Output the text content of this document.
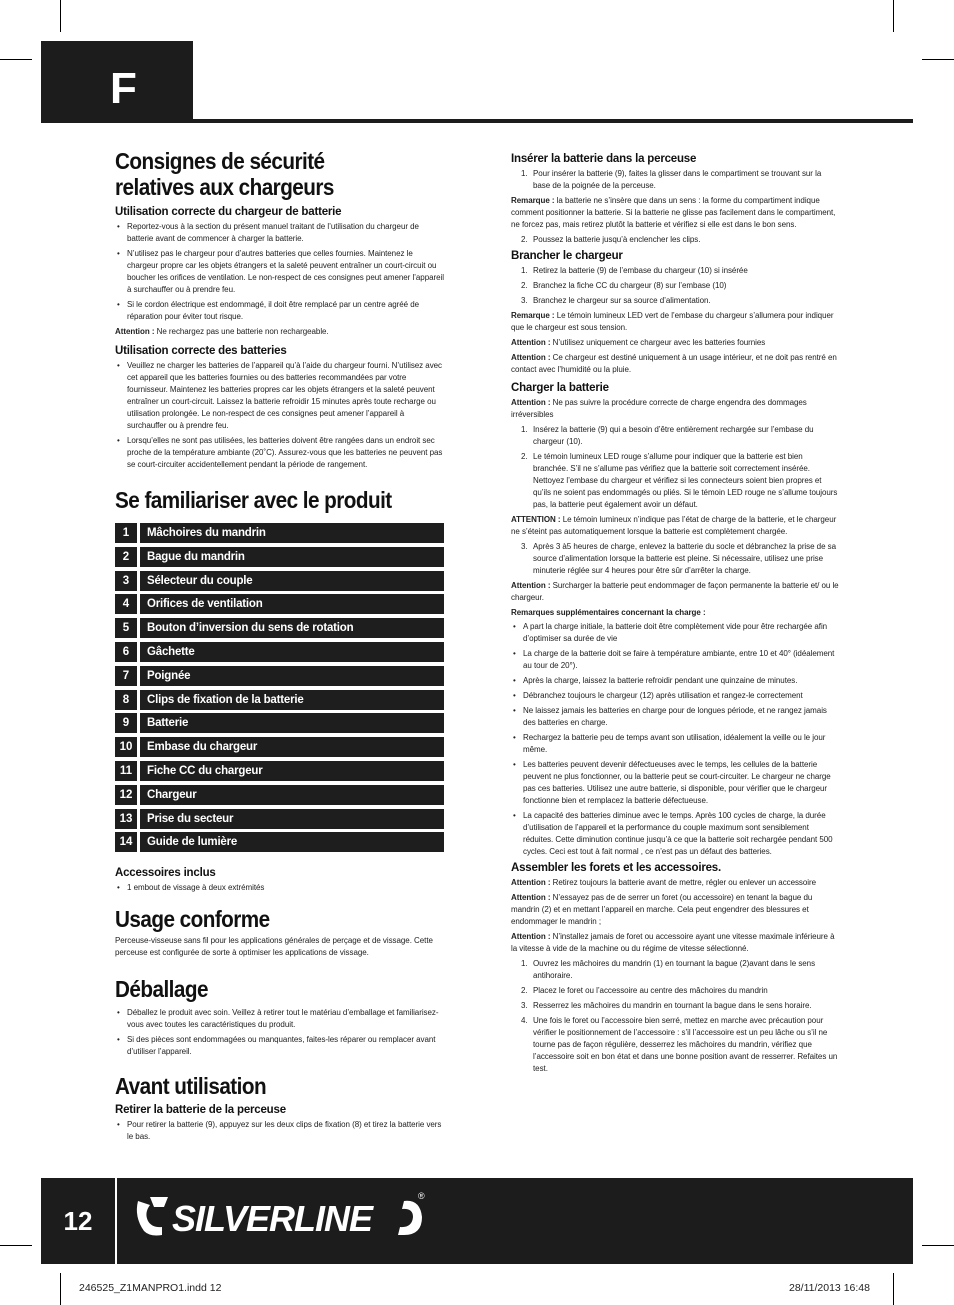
F
Consignes de sécurité relatives aux chargeurs
Utilisation correcte du chargeur de batterie
• Reportez-vous à la section du présent manuel traitant de l’utilisation du chargeur de batterie avant de commencer à charger la batterie.
• N’utilisez pas le chargeur pour d’autres batteries que celles fournies. Maintenez le chargeur propre car les objets étrangers et la saleté peuvent entraîner un court-circuit ou boucher les orifices de ventilation. Le non-respect de ces consignes peut amener l’appareil à surchauffer ou à prendre feu.
• Si le cordon électrique est endommagé, il doit être remplacé par un centre agréé de réparation pour éviter tout risque.

Attention : Ne rechargez pas une batterie non rechargeable.

Utilisation correcte des batteries
• Veuillez ne charger les batteries de l’appareil qu’à l’aide du chargeur fourni. N’utilisez avec cet appareil que les batteries fournies ou des batteries recommandées par votre fournisseur. Maintenez les batteries propres car les objets étrangers et la saleté peuvent entraîner un court-circuit. Laissez la batterie refroidir 15 minutes après toute recharge ou utilisation prolongée. Le non-respect de ces consignes peut amener l’appareil à surchauffer ou à prendre feu.
• Lorsqu’elles ne sont pas utilisées, les batteries doivent être rangées dans un endroit sec proche de la température ambiante (20˚C). Assurez-vous que les batteries ne peuvent pas se court-circuiter accidentellement pendant la période de rangement.
Se familiariser avec le produit
1	Mâchoires du mandrin
2	Bague du mandrin
3	Sélecteur du couple
4	Orifices de ventilation
5	Bouton d’inversion du sens de rotation
6	Gâchette
7	Poignée
8	Clips de fixation de la batterie
9	Batterie
10	Embase du chargeur
11	Fiche CC du chargeur
12	Chargeur
13	Prise du secteur
14	Guide de lumière
Accessoires inclus
• 1 embout de vissage à deux extrémités
Usage conforme

Perceuse-visseuse sans fil pour les applications générales de perçage et de vissage. Cette perceuse est configurée de sorte à optimiser les applications de vissage.

Déballage
• Déballez le produit avec soin. Veillez à retirer tout le matériau d’emballage et familiarisez-vous avec toutes les caractéristiques du produit.
• Si des pièces sont endommagées ou manquantes, faites-les réparer ou remplacer avant d’utiliser l’appareil.
Avant utilisation
Retirer la batterie de la perceuse
• Pour retirer la batterie (9), appuyez sur les deux clips de fixation (8) et tirez la batterie vers le bas.
Insérer la batterie dans la perceuse
1. Pour insérer la batterie (9), faites la glisser dans le compartiment se trouvant sur la base de la poignée de la perceuse.

Remarque : la batterie ne s’insère que dans un sens : la forme du compartiment indique comment positionner la batterie. Si la batterie ne glisse pas facilement dans le compartiment, ne forcez pas, mais retirez plutôt la batterie et vérifiez si elle est dans le bon sens.

2. Poussez la batterie jusqu’à enclencher les clips.
Brancher le chargeur
1. Retirez la batterie (9) de l’embase du chargeur (10) si insérée
2. Branchez la fiche CC du chargeur (8) sur l’embase (10)
3. Branchez le chargeur sur sa source d’alimentation.

Remarque : Le témoin lumineux LED vert de l’embase du chargeur s’allumera pour indiquer que le chargeur est sous tension.

Attention : N’utilisez uniquement ce chargeur avec les batteries fournies

Attention : Ce chargeur est destiné uniquement à un usage intérieur, et ne doit pas rentré en contact avec l’humidité ou la pluie.

Charger la batterie

Attention : Ne pas suivre la procédure correcte de charge engendra des dommages irréversibles

1. Insérez la batterie (9) qui a besoin d’être entièrement rechargée sur l’embase du chargeur (10).
2. Le témoin lumineux LED rouge s’allume pour indiquer que la batterie est bien branchée. S’il ne s’allume pas vérifiez que la batterie soit correctement insérée. Nettoyez l’embase du chargeur et vérifiez si les connecteurs soient bien propres et qu’ils ne soient pas endommagés ou pliés. Si le témoin LED rouge ne s’allume toujours pas, la batterie peut également avoir un défaut.

ATTENTION : Le témoin lumineux n’indique pas l’état de charge de la batterie, et le chargeur ne s’éteint pas automatiquement lorsque la batterie est complètement chargée.

3. Après 3 à5 heures de charge, enlevez la batterie du socle et débranchez la prise de sa source d’alimentation lorsque la batterie est pleine. Si nécessaire, utilisez une prise minuterie réglée sur 4 heures pour être sûr d’arrêter la charge.

Attention : Surcharger la batterie peut endommager de façon permanente la batterie et/ ou le chargeur.

Remarques supplémentaires concernant la charge :

• A part la charge initiale, la batterie doit être complètement vide pour être rechargée afin d’optimiser sa durée de vie
• La charge de la batterie doit se faire à température ambiante, entre 10 et 40° (idéalement au tour de 20°).
• Après la charge, laissez la batterie refroidir pendant une quinzaine de minutes.
• Débranchez toujours le chargeur (12) après utilisation et rangez-le correctement
• Ne laissez jamais les batteries en charge pour de longues période, et ne rangez jamais des batteries en charge.
• Rechargez la batterie peu de temps avant son utilisation, idéalement la veille ou le jour même.
• Les batteries peuvent devenir défectueuses avec le temps, les cellules de la batterie peuvent ne plus fonctionner, ou la batterie peut se court-circuiter. Le chargeur ne charge pas ces batteries. Utilisez une autre batterie, si disponible, pour vérifier que le chargeur fonctionne bien et remplacez la batterie défectueuse.
• La capacité des batteries diminue avec le temps. Après 100 cycles de charge, la durée d’utilisation de l’appareil et la performance du couple maximum sont sensiblement réduites. Cette diminution continue jusqu’à ce que la batterie soit rechargée pendant 500 cycles. Ceci est tout à fait normal , ce n’est pas un défaut des batteries.
Assembler les forets et les accessoires.

Attention : Retirez toujours la batterie avant de mettre, régler ou enlever un accessoire

Attention : N’essayez pas de de serrer un foret (ou accessoire) en tenant la bague du mandrin (2) et en mettant l’appareil en marche. Cela peut engendrer des blessures et endommager le mandrin ;

Attention : N’installez jamais de foret ou accessoire ayant une vitesse maximale inférieure à la vitesse à vide de la machine ou du régime de vitesse sélectionné.

1. Ouvrez les mâchoires du mandrin (1) en tournant la bague (2)avant dans le sens antihoraire.
2. Placez le foret ou l’accessoire au centre des mâchoires du mandrin
3. Resserrez les mâchoires du mandrin en tournant la bague dans le sens horaire.
4. Une fois le foret ou l’accessoire bien serré, mettez en marche avec précaution pour vérifier le positionnement de l’accessoire : s’il l’accessoire est un peu lâche ou s’il ne tourne pas de façon régulière, desserrez les mâchoires du mandrin, vérifiez que l’accessoire soit en bon état et dans une bonne position avant de resserrer. Refaites un test.
12	SILVERLINE
®
246525_Z1MANPRO1.indd 12	28/11/2013 16:48
